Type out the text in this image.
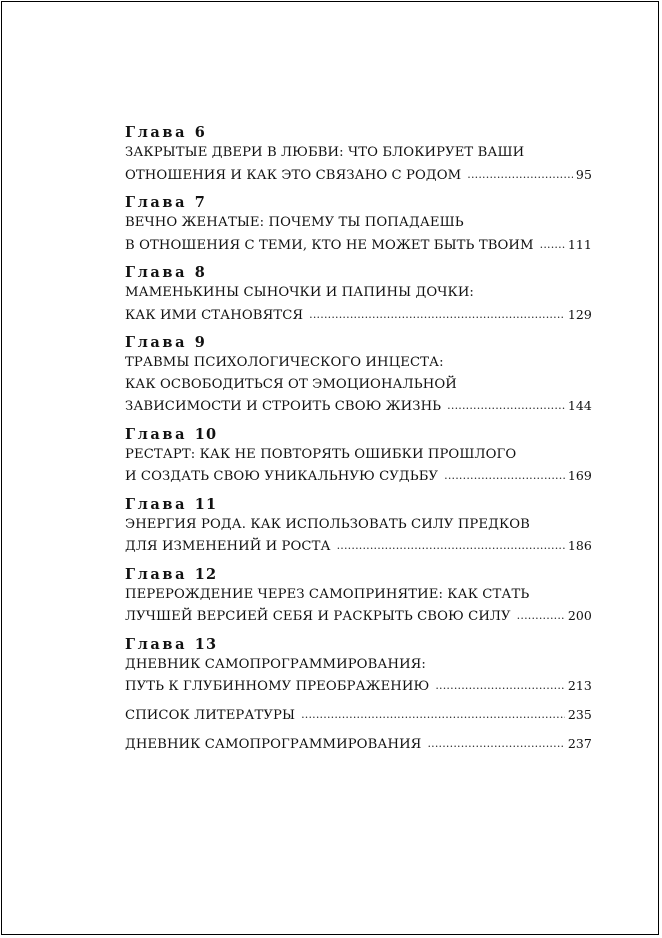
Глава 6
ЗАКРЫТЫЕ ДВЕРИ В ЛЮБВИ: ЧТО БЛОКИРУЕТ ВАШИ
ОТНОШЕНИЯ И КАК ЭТО СВЯЗАНО С РОДОМ .....	95
Глава 7
ВЕЧНО ЖЕНАТЫЕ: ПОЧЕМУ ТЫ ПОПАДАЕШЬ
В ОТНОШЕНИЯ С ТЕМИ, КТО НЕ МОЖЕТ БЫТЬ ТВОИМ .....	111
Глава 8
МАМЕНЬКИНЫ СЫНОЧКИ И ПАПИНЫ ДОЧКИ:
КАК ИМИ СТАНОВЯТСЯ .....	129
Глава 9
ТРАВМЫ ПСИХОЛОГИЧЕСКОГО ИНЦЕСТА:
КАК ОСВОБОДИТЬСЯ ОТ ЭМОЦИОНАЛЬНОЙ
ЗАВИСИМОСТИ И СТРОИТЬ СВОЮ ЖИЗНЬ .....	144
Глава 10
РЕСТАРТ: КАК НЕ ПОВТОРЯТЬ ОШИБКИ ПРОШЛОГО
И СОЗДАТЬ СВОЮ УНИКАЛЬНУЮ СУДЬБУ .....	169
Глава 11
ЭНЕРГИЯ РОДА. КАК ИСПОЛЬЗОВАТЬ СИЛУ ПРЕДКОВ
ДЛЯ ИЗМЕНЕНИЙ И РОСТА .....	186
Глава 12
ПЕРЕРОЖДЕНИЕ ЧЕРЕЗ САМОПРИНЯТИЕ: КАК СТАТЬ
ЛУЧШЕЙ ВЕРСИЕЙ СЕБЯ И РАСКРЫТЬ СВОЮ СИЛУ .....	200
Глава 13
ДНЕВНИК САМОПРОГРАММИРОВАНИЯ:
ПУТЬ К ГЛУБИННОМУ ПРЕОБРАЖЕНИЮ .....	213
СПИСОК ЛИТЕРАТУРЫ .....	235
ДНЕВНИК САМОПРОГРАММИРОВАНИЯ .....	237
